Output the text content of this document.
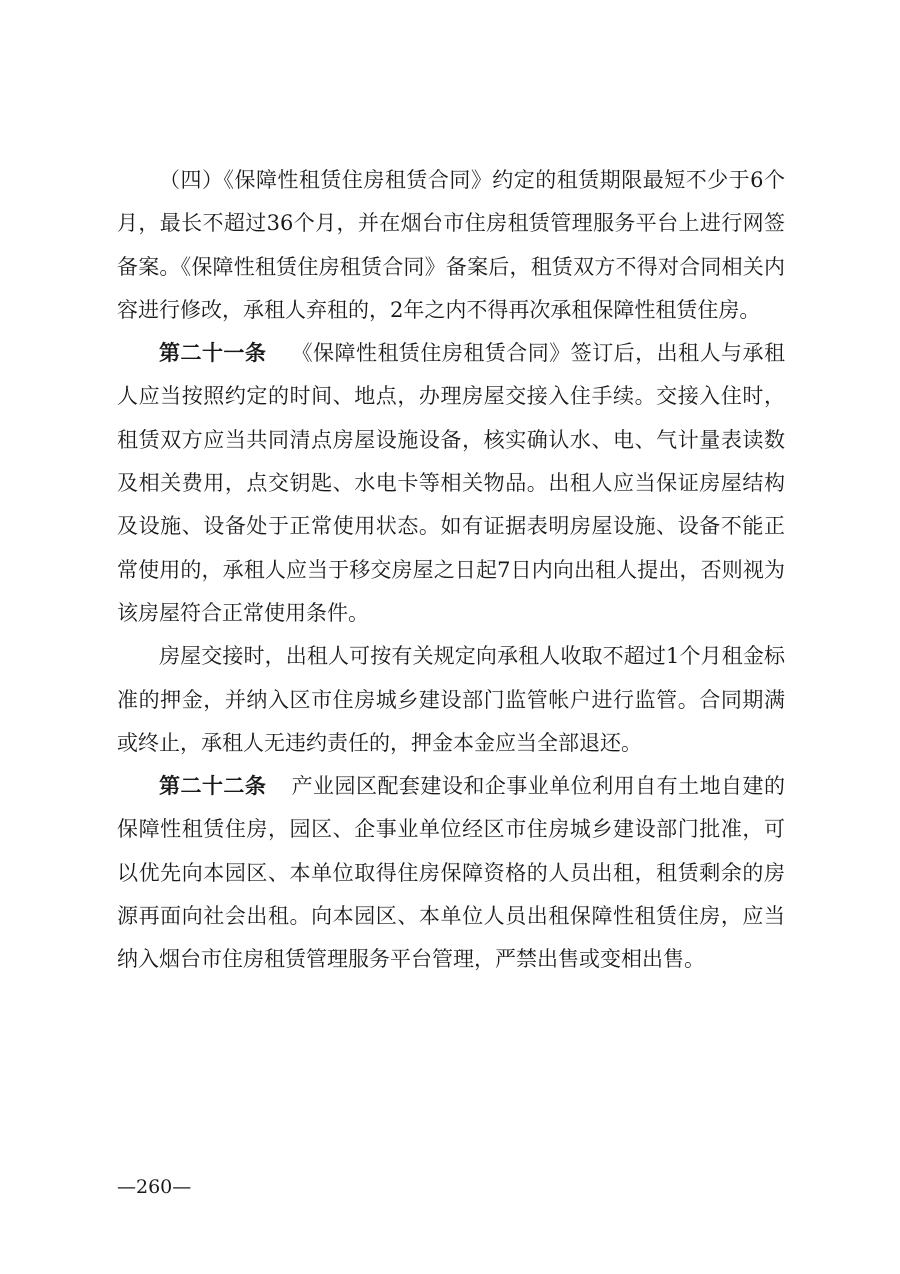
（四）《保障性租赁住房租赁合同》约定的租赁期限最短不少于6个月，最长不超过36个月，并在烟台市住房租赁管理服务平台上进行网签备案。《保障性租赁住房租赁合同》备案后，租赁双方不得对合同相关内容进行修改，承租人弃租的，2年之内不得再次承租保障性租赁住房。

第二十一条 《保障性租赁住房租赁合同》签订后，出租人与承租人应当按照约定的时间、地点，办理房屋交接入住手续。交接入住时，租赁双方应当共同清点房屋设施设备，核实确认水、电、气计量表读数及相关费用，点交钥匙、水电卡等相关物品。出租人应当保证房屋结构及设施、设备处于正常使用状态。如有证据表明房屋设施、设备不能正常使用的，承租人应当于移交房屋之日起7日内向出租人提出，否则视为该房屋符合正常使用条件。

房屋交接时，出租人可按有关规定向承租人收取不超过1个月租金标准的押金，并纳入区市住房城乡建设部门监管帐户进行监管。合同期满或终止，承租人无违约责任的，押金本金应当全部退还。

第二十二条 产业园区配套建设和企事业单位利用自有土地自建的保障性租赁住房，园区、企事业单位经区市住房城乡建设部门批准，可以优先向本园区、本单位取得住房保障资格的人员出租，租赁剩余的房源再面向社会出租。向本园区、本单位人员出租保障性租赁住房，应当纳入烟台市住房租赁管理服务平台管理，严禁出售或变相出售。

—260—
